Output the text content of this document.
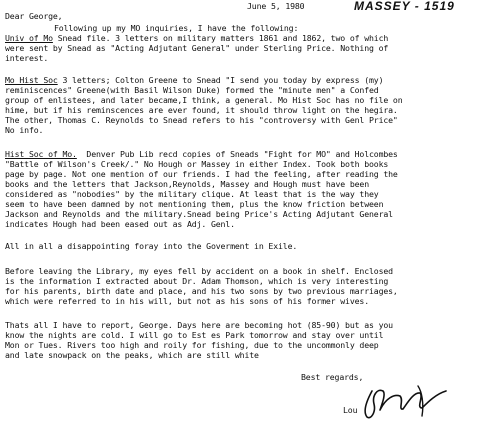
June 5, 1980	MASSEY - 1519
Dear George,
Following up my MO inquiries, I have the following:
Univ of Mo Snead file. 3 letters on military matters 1861 and 1862, two of which
were sent by Snead as "Acting Adjutant General" under Sterling Price. Nothing of
interest.
Mo Hist Soc 3 letters; Colton Greene to Snead "I send you today by express (my)
reminiscences" Greene(with Basil Wilson Duke) formed the "minute men" a Confed
group of enlistees, and later became,I think, a general. Mo Hist Soc has no file on
hime, but if his reminscences are ever found, it should throw light on the hegira.
The other, Thomas C. Reynolds to Snead refers to his "controversy with Genl Price"
No info.
Hist Soc of Mo.  Denver Pub Lib recd copies of Sneads "Fight for MO" and Holcombes
"Battle of Wilson's Creek/." No Hough or Massey in either Index. Took both books
page by page. Not one mention of our friends. I had the feeling, after reading the
books and the letters that Jackson,Reynolds, Massey and Hough must have been
considered as "nobodies" by the military clique. At least that is the way they
seem to have been damned by not mentioning them, plus the know friction between
Jackson and Reynolds and the military.Snead being Price's Acting Adjutant General
indicates Hough had been eased out as Adj. Genl.
All in all a disappointing foray into the Goverment in Exile.
Before leaving the Library, my eyes fell by accident on a book in shelf. Enclosed
is the information I extracted about Dr. Adam Thomson, which is very interesting
for his parents, birth date and place, and his two sons by two previous marriages,
which were referred to in his will, but not as his sons of his former wives.
Thats all I have to report, George. Days here are becoming hot (85-90) but as you
know the nights are cold. I will go to Est es Park tomorrow and stay over until
Mon or Tues. Rivers too high and roily for fishing, due to the uncommonly deep
and late snowpack on the peaks, which are still white
Best regards,
Lou
